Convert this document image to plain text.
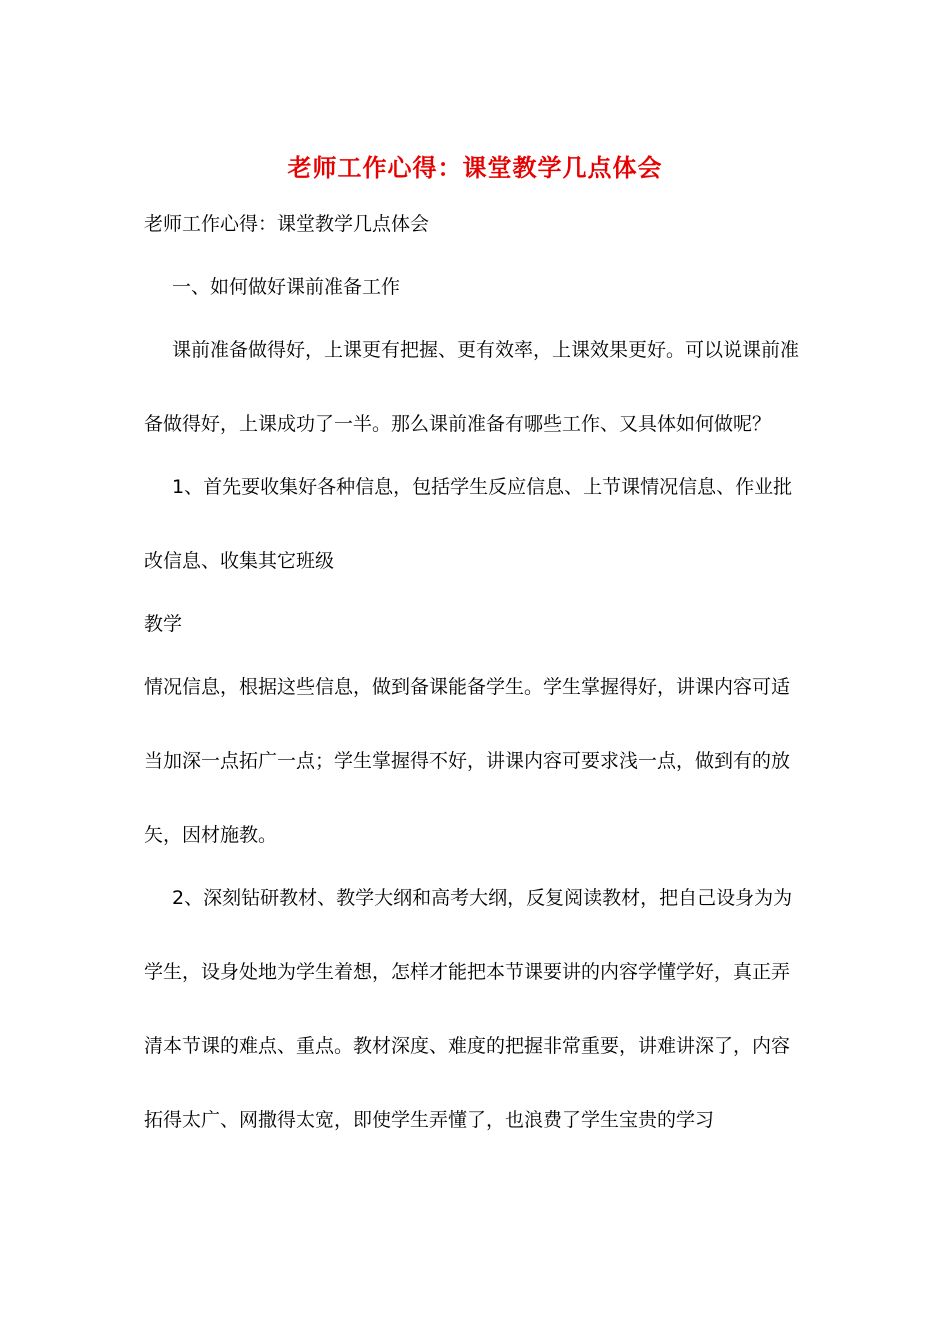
老师工作心得：课堂教学几点体会

老师工作心得：课堂教学几点体会

一、如何做好课前准备工作

课前准备做得好，上课更有把握、更有效率，上课效果更好。可以说课前准

备做得好，上课成功了一半。那么课前准备有哪些工作、又具体如何做呢？

1、首先要收集好各种信息，包括学生反应信息、上节课情况信息、作业批

改信息、收集其它班级

教学

情况信息，根据这些信息，做到备课能备学生。学生掌握得好，讲课内容可适

当加深一点拓广一点；学生掌握得不好，讲课内容可要求浅一点，做到有的放

矢，因材施教。

2、深刻钻研教材、教学大纲和高考大纲，反复阅读教材，把自己设身为为

学生，设身处地为学生着想，怎样才能把本节课要讲的内容学懂学好，真正弄

清本节课的难点、重点。教材深度、难度的把握非常重要，讲难讲深了，内容

拓得太广、网撒得太宽，即使学生弄懂了，也浪费了学生宝贵的学习
